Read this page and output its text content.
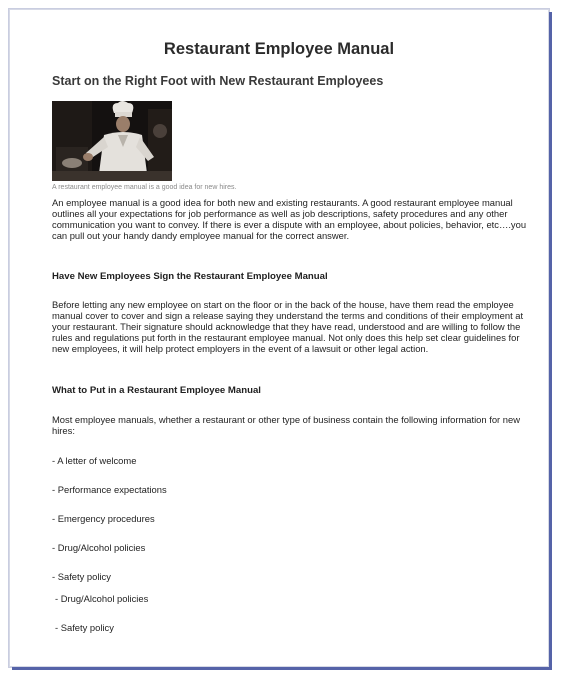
Restaurant Employee Manual
Start on the Right Foot with New Restaurant Employees

A restaurant employee manual is a good idea for new hires.

An employee manual is a good idea for both new and existing restaurants. A good restaurant employee manual outlines all your expectations for job performance as well as job descriptions, safety procedures and any other communication you want to convey. If there is ever a dispute with an employee, about policies, behavior, etc….you can pull out your handy dandy employee manual for the correct answer.

Have New Employees Sign the Restaurant Employee Manual

Before letting any new employee on start on the floor or in the back of the house, have them read the employee manual cover to cover and sign a release saying they understand the terms and conditions of their employment at your restaurant. Their signature should acknowledge that they have read, understood and are willing to follow the rules and regulations put forth in the restaurant employee manual. Not only does this help set clear guidelines for new employees, it will help protect employers in the event of a lawsuit or other legal action.

What to Put in a Restaurant Employee Manual

Most employee manuals, whether a restaurant or other type of business contain the following information for new hires:

- A letter of welcome

- Performance expectations

- Emergency procedures

- Drug/Alcohol policies

- Safety policy

- Drug/Alcohol policies

- Safety policy
